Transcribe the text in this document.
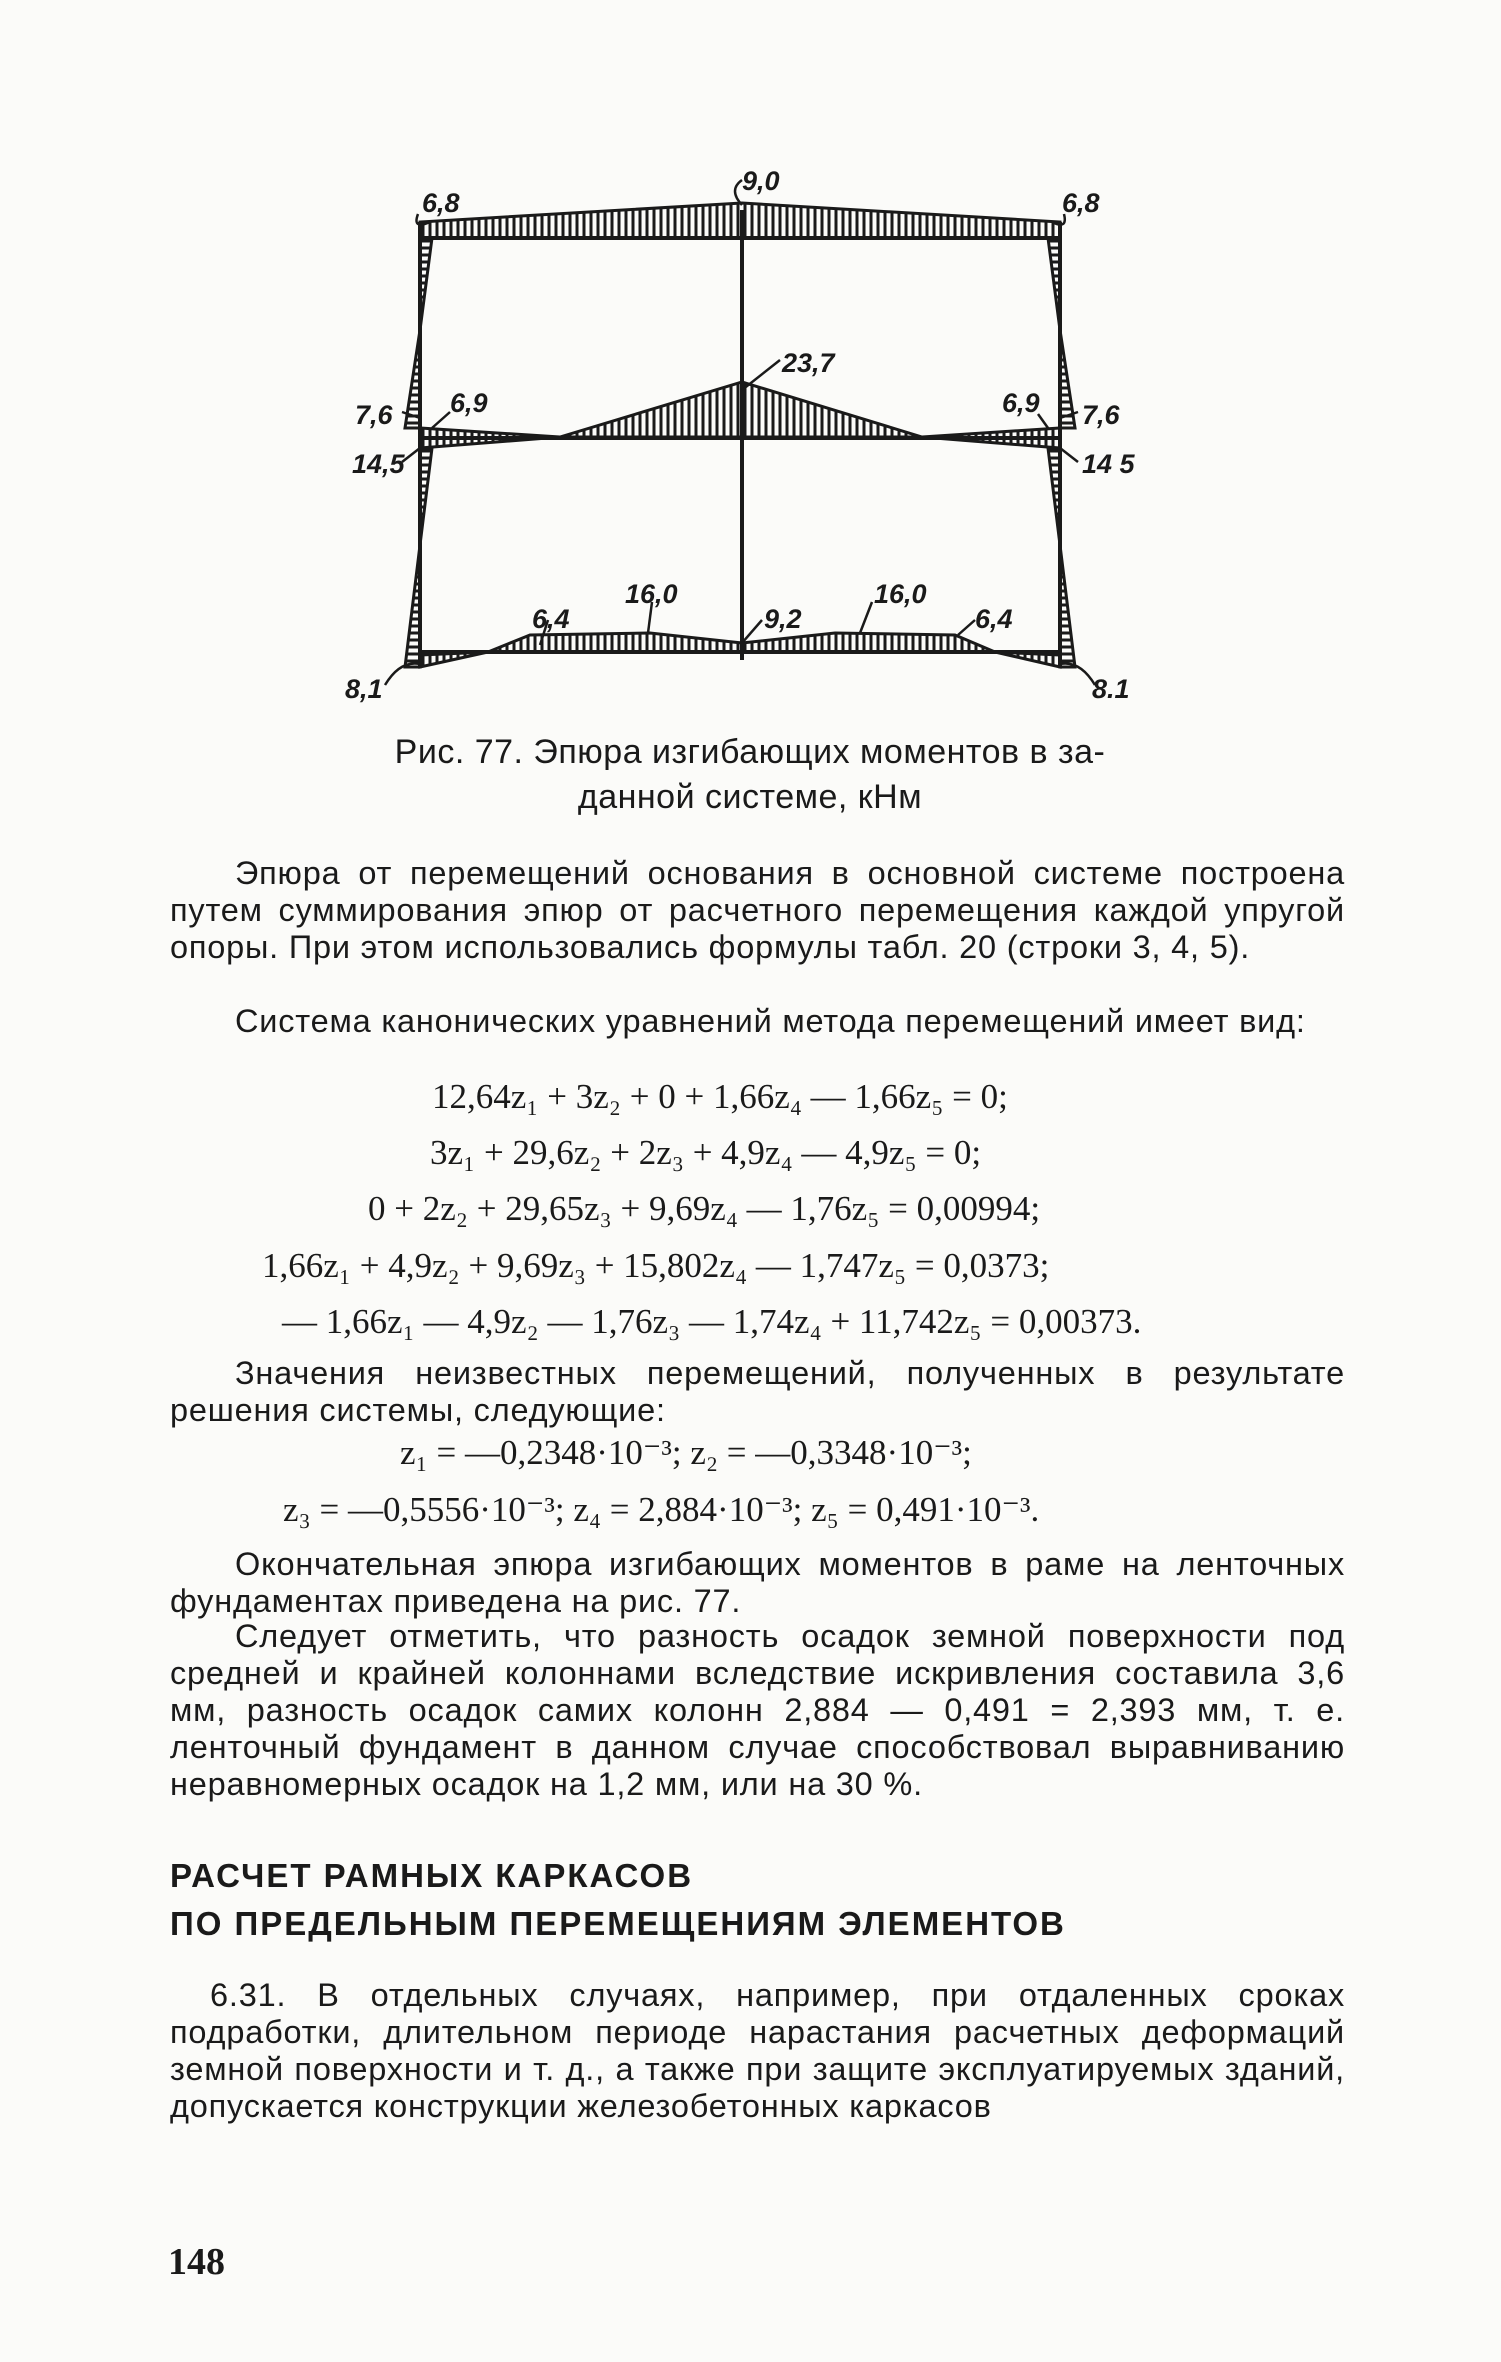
6,8
9,0
6,8
23,7
7,6 6,9
14,5
6,9 7,6
14 5
6,4
16,0
9,2
16,0
6,4
8,1	8.1
Рис. 77. Эпюра изгибающих моментов в за-
данной системе, кНм
Эпюра от перемещений основания в основной системе построена путем суммирования эпюр от расчетного перемещения каждой упругой опоры. При этом использовались формулы табл. 20 (строки 3, 4, 5).
Система канонических уравнений метода перемещений имеет вид:
12,64z₁ + 3z₂ + 0 + 1,66z₄ — 1,66z₅ = 0;
3z₁ + 29,6z₂ + 2z₃ + 4,9z₄ — 4,9z₅ = 0;
0 + 2z₂ + 29,65z₃ + 9,69z₄ — 1,76z₅ = 0,00994;
1,66z₁ + 4,9z₂ + 9,69z₃ + 15,802z₄ — 1,747z₅ = 0,0373;
— 1,66z₁ — 4,9z₂ — 1,76z₃ — 1,74z₄ + 11,742z₅ = 0,00373.
Значения неизвестных перемещений, полученных в результате решения системы, следующие:
z₁ = —0,2348·10⁻³; z₂ = —0,3348·10⁻³;
z₃ = —0,5556·10⁻³; z₄ = 2,884·10⁻³; z₅ = 0,491·10⁻³.
Окончательная эпюра изгибающих моментов в раме на ленточных фундаментах приведена на рис. 77.
Следует отметить, что разность осадок земной поверхности под средней и крайней колоннами вследствие искривления составила 3,6 мм, разность осадок самих колонн 2,884 — 0,491 = 2,393 мм, т. е. ленточный фундамент в данном случае способствовал выравниванию неравномерных осадок на 1,2 мм, или на 30 %.
РАСЧЕТ РАМНЫХ КАРКАСОВ
ПО ПРЕДЕЛЬНЫМ ПЕРЕМЕЩЕНИЯМ ЭЛЕМЕНТОВ
6.31. В отдельных случаях, например, при отдаленных сроках подработки, длительном периоде нарастания расчетных деформаций земной поверхности и т. д., а также при защите эксплуатируемых зданий, допускается конструкции железобетонных каркасов
148
